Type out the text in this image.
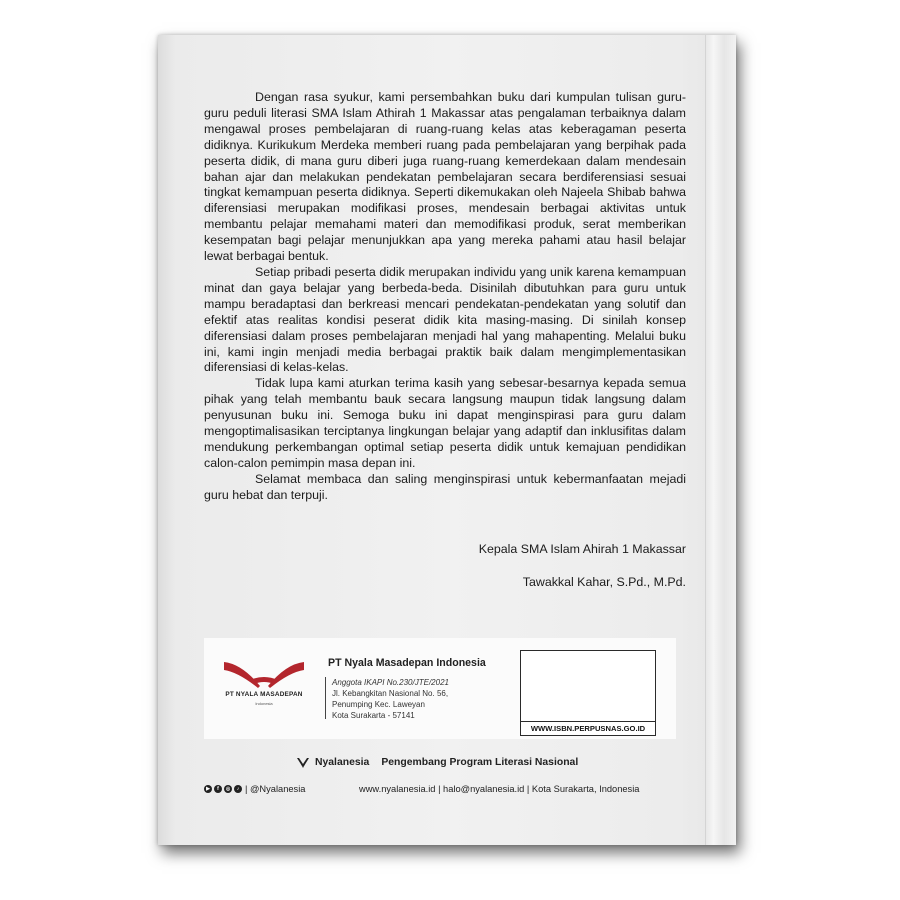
Dengan rasa syukur, kami persembahkan buku dari kumpulan tulisan guru-guru peduli literasi SMA Islam Athirah 1 Makassar atas pengalaman terbaiknya dalam mengawal proses pembelajaran di ruang-ruang kelas atas keberagaman peserta didiknya. Kurikukum Merdeka memberi ruang pada pembelajaran yang berpihak pada peserta didik, di mana guru diberi juga ruang-ruang kemerdekaan dalam mendesain bahan ajar dan melakukan pendekatan pembelajaran secara berdiferensiasi sesuai tingkat kemampuan peserta didiknya. Seperti dikemukakan oleh Najeela Shibab bahwa diferensiasi merupakan modifikasi proses, mendesain berbagai aktivitas untuk membantu pelajar memahami materi dan memodifikasi produk, serat memberikan kesempatan bagi pelajar menunjukkan apa yang mereka pahami atau hasil belajar lewat berbagai bentuk.

Setiap pribadi peserta didik merupakan individu yang unik karena kemampuan minat dan gaya belajar yang berbeda-beda. Disinilah dibutuhkan para guru untuk mampu beradaptasi dan berkreasi mencari pendekatan-pendekatan yang solutif dan efektif atas realitas kondisi peserat didik kita masing-masing. Di sinilah konsep diferensiasi dalam proses pembelajaran menjadi hal yang mahapenting. Melalui buku ini, kami ingin menjadi media berbagai praktik baik dalam mengimplementasikan diferensiasi di kelas-kelas.

Tidak lupa kami aturkan terima kasih yang sebesar-besarnya kepada semua pihak yang telah membantu bauk secara langsung maupun tidak langsung dalam penyusunan buku ini. Semoga buku ini dapat menginspirasi para guru dalam mengoptimalisasikan terciptanya lingkungan belajar yang adaptif dan inklusifitas dalam mendukung perkembangan optimal setiap peserta didik untuk kemajuan pendidikan calon-calon pemimpin masa depan ini.

Selamat membaca dan saling menginspirasi untuk kebermanfaatan mejadi guru hebat dan terpuji.

Kepala SMA Islam Ahirah 1 Makassar
Tawakkal Kahar, S.Pd., M.Pd.
PT NYALA MASADEPAN
Indonesia
PT Nyala Masadepan Indonesia
Anggota IKAPI No.230/JTE/2021
Jl. Kebangkitan Nasional No. 56,
Penumping Kec. Laweyan
Kota Surakarta - 57141
WWW.ISBN.PERPUSNAS.GO.ID
Nyalanesia Pengembang Program Literasi Nasional
▶	f	◎	♪ | @Nyalanesia	www.nyalanesia.id | halo@nyalanesia.id | Kota Surakarta, Indonesia
